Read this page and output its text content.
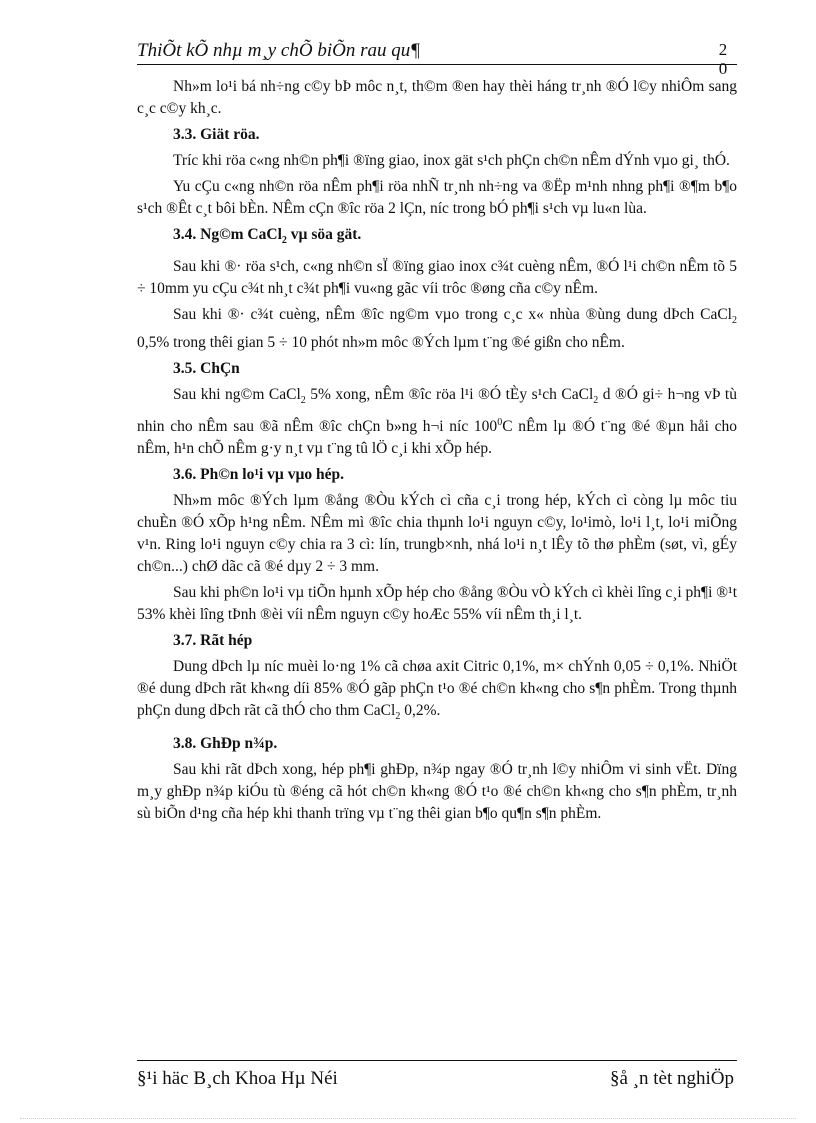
ThiÕt kÕ nhµ m¸y chÕ biÕn rau qu¶	2
0

Nh»m lo¹i bá nh÷ng c©y bÞ môc n¸t, th©m ®en hay thèi háng tr¸nh ®Ó l©y nhiÔm sang c¸c c©y kh¸c.

3.3. Giät röa.

Tríc khi röa c«ng nh©n ph¶i ®ïng giao, inox gät s¹ch phÇn ch©n nÊm dÝnh vµo gi¸ thÓ.

Yu cÇu c«ng nh©n röa nÊm ph¶i röa nhÑ tr¸nh nh÷ng va ®Ëp m¹nh nhng ph¶i ®¶m b¶o s¹ch ®Êt c¸t bôi bÈn. NÊm cÇn ®îc röa 2 lÇn, níc trong bÓ ph¶i s¹ch vµ lu«n lùa.

3.4. Ng©m CaCl$_2$ vµ söa gät.

Sau khi ®· röa s¹ch, c«ng nh©n sÏ ®ïng giao inox c¾t cuèng nÊm, ®Ó l¹i ch©n nÊm tõ 5 ÷ 10mm yu cÇu c¾t nh¸t c¾t ph¶i vu«ng gãc víi trôc ®øng cña c©y nÊm.

Sau khi ®· c¾t cuèng, nÊm ®îc ng©m vµo trong c¸c x« nhùa ®ùng dung dÞch CaCl$_2$ 0,5% trong thêi gian 5 ÷ 10 phót nh»m môc ®Ých lµm t¨ng ®é gißn cho nÊm.

3.5. ChÇn

Sau khi ng©m CaCl$_2$ 5% xong, nÊm ®îc röa l¹i ®Ó tÈy s¹ch CaCl$_2$ d ®Ó gi÷ h¬ng vÞ tù nhin cho nÊm sau ®ã nÊm ®îc chÇn b»ng h¬i níc $100^0C$ nÊm lµ ®Ó t¨ng ®é ®µn håi cho nÊm, h¹n chÕ nÊm g·y n¸t vµ t¨ng tû lÖ c¸i khi xÕp hép.

3.6. Ph©n lo¹i vµ vµo hép.

Nh»m môc ®Ých lµm ®ång ®Òu kÝch cì cña c¸i trong hép, kÝch cì còng lµ môc tiu chuÈn ®Ó xÕp h¹ng nÊm. NÊm mì ®îc chia thµnh lo¹i nguyn c©y, lo¹imò, lo¹i l¸t, lo¹i miÕng v¹n. Ring lo¹i nguyn c©y chia ra 3 cì: lín, trungb×nh, nhá lo¹i n¸t lÊy tõ thø phÈm (søt, vì, gÉy ch©n...) chØ dãc cã ®é dµy 2 ÷ 3 mm.

Sau khi ph©n lo¹i vµ tiÕn hµnh xÕp hép cho ®ång ®Òu vÒ kÝch cì khèi lîng c¸i ph¶i ®¹t 53% khèi lîng tÞnh ®èi víi nÊm nguyn c©y hoÆc 55% víi nÊm th¸i l¸t.

3.7. Rãt hép

Dung dÞch lµ níc muèi lo·ng 1% cã chøa axit Citric 0,1%, m× chÝnh 0,05 ÷ 0,1%. NhiÖt ®é dung dÞch rãt kh«ng díi 85% ®Ó gãp phÇn t¹o ®é ch©n kh«ng cho s¶n phÈm. Trong thµnh phÇn dung dÞch rãt cã thÓ cho thm CaCl$_2$ 0,2%.

3.8. GhÐp n¾p.

Sau khi rãt dÞch xong, hép ph¶i ghÐp, n¾p ngay ®Ó tr¸nh l©y nhiÔm vi sinh vËt. Dïng m¸y ghÐp n¾p kiÓu tù ®éng cã hót ch©n kh«ng ®Ó t¹o ®é ch©n kh«ng cho s¶n phÈm, tr¸nh sù biÕn d¹ng cña hép khi thanh trïng vµ t¨ng thêi gian b¶o qu¶n s¶n phÈm.

§¹i häc B¸ch Khoa Hµ Néi	§å ¸n tèt nghiÖp
